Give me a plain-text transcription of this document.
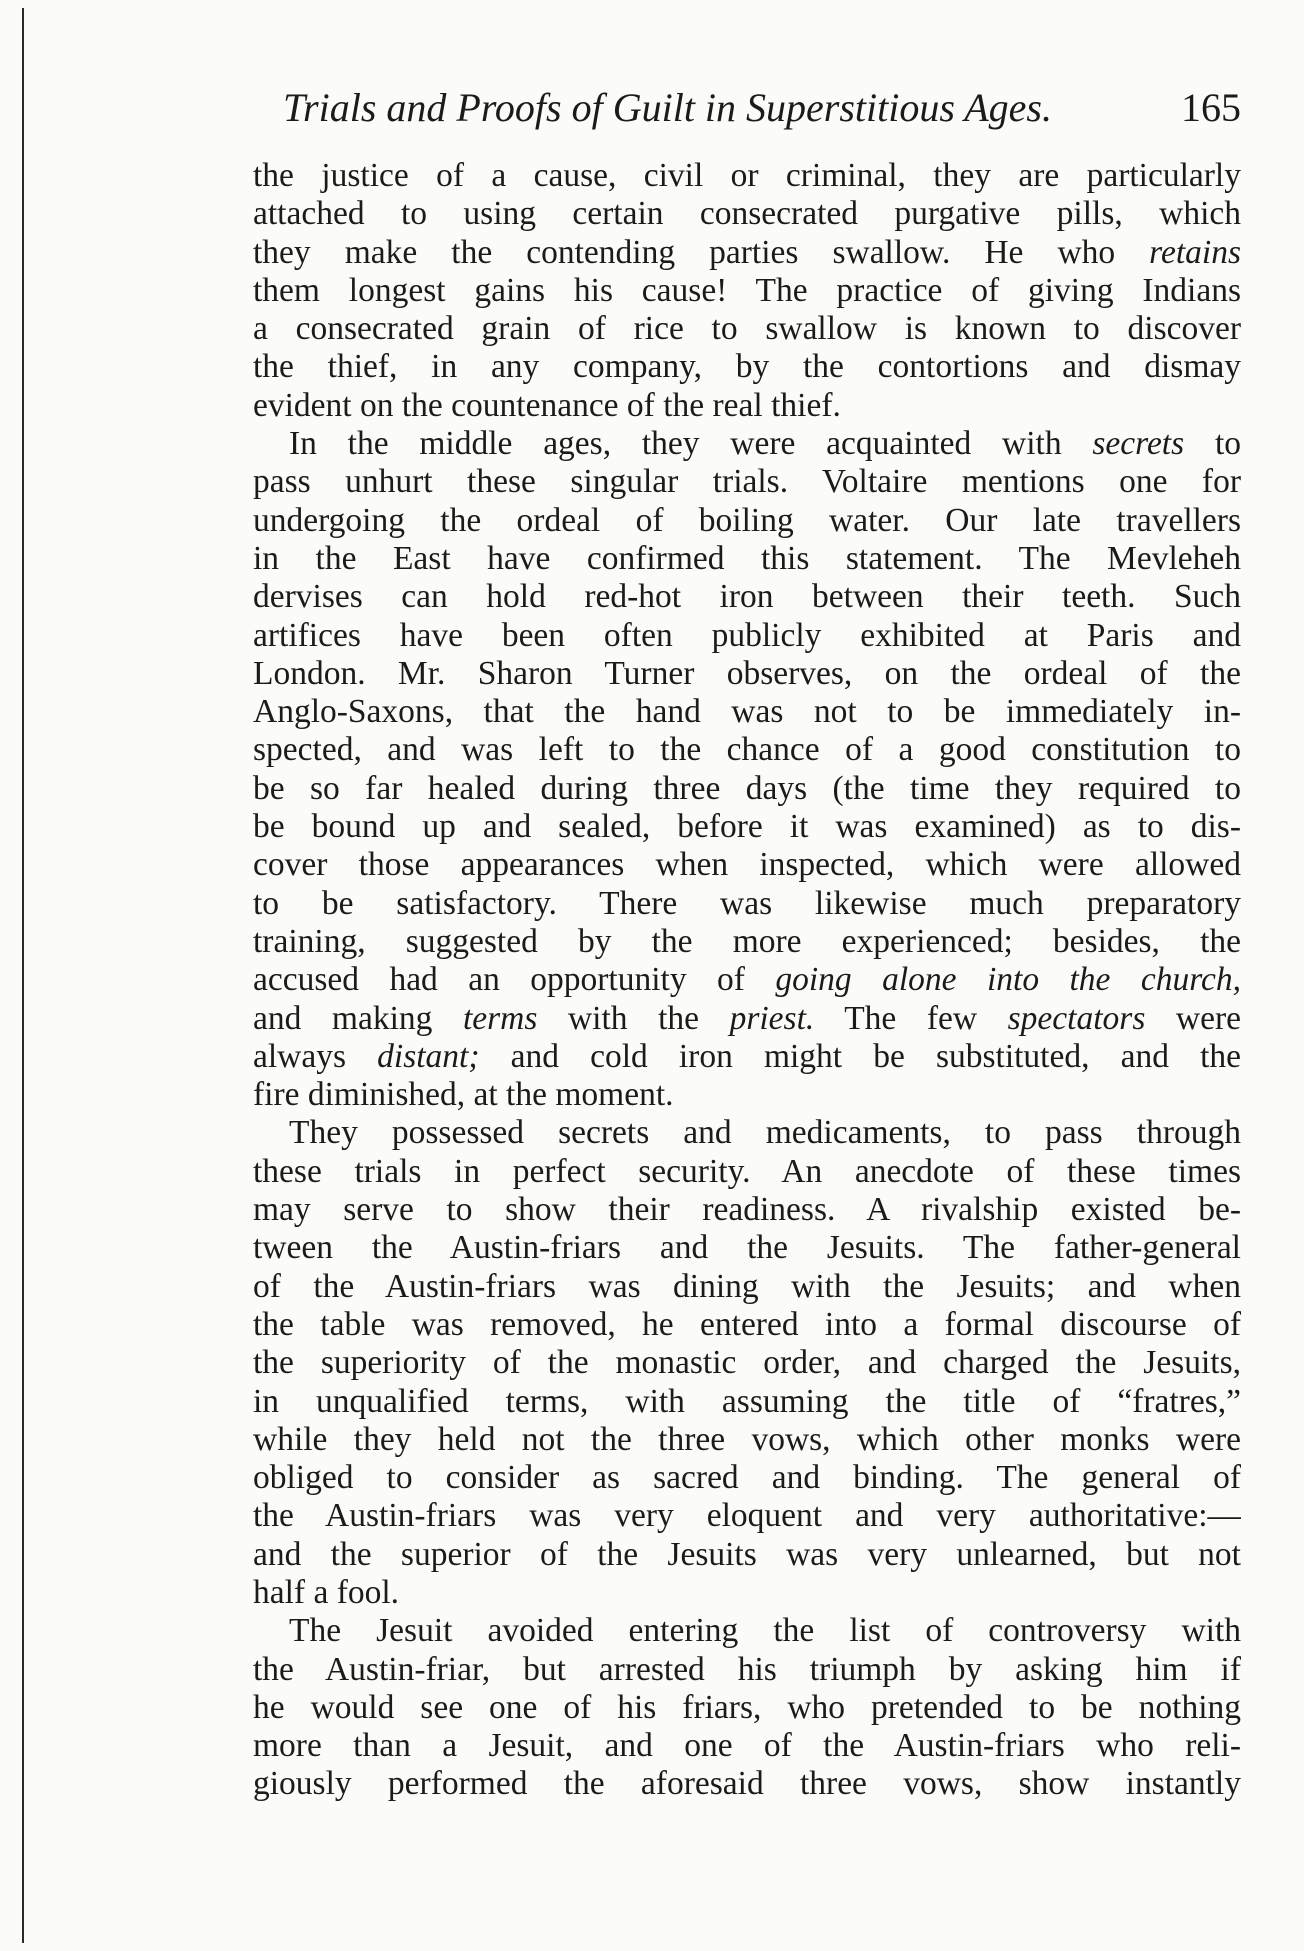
Trials and Proofs of Guilt in Superstitious Ages.	165
the justice of a cause, civil or criminal, they are particularly
attached to using certain consecrated purgative pills, which
they make the contending parties swallow. He who retains
them longest gains his cause! The practice of giving Indians
a consecrated grain of rice to swallow is known to discover
the thief, in any company, by the contortions and dismay
evident on the countenance of the real thief.
In the middle ages, they were acquainted with secrets to
pass unhurt these singular trials. Voltaire mentions one for
undergoing the ordeal of boiling water. Our late travellers
in the East have confirmed this statement. The Mevleheh
dervises can hold red-hot iron between their teeth. Such
artifices have been often publicly exhibited at Paris and
London. Mr. Sharon Turner observes, on the ordeal of the
Anglo-Saxons, that the hand was not to be immediately in-
spected, and was left to the chance of a good constitution to
be so far healed during three days (the time they required to
be bound up and sealed, before it was examined) as to dis-
cover those appearances when inspected, which were allowed
to be satisfactory. There was likewise much preparatory
training, suggested by the more experienced; besides, the
accused had an opportunity of going alone into the church,
and making terms with the priest. The few spectators were
always distant; and cold iron might be substituted, and the
fire diminished, at the moment.
They possessed secrets and medicaments, to pass through
these trials in perfect security. An anecdote of these times
may serve to show their readiness. A rivalship existed be-
tween the Austin-friars and the Jesuits. The father-general
of the Austin-friars was dining with the Jesuits; and when
the table was removed, he entered into a formal discourse of
the superiority of the monastic order, and charged the Jesuits,
in unqualified terms, with assuming the title of “fratres,”
while they held not the three vows, which other monks were
obliged to consider as sacred and binding. The general of
the Austin-friars was very eloquent and very authoritative:—
and the superior of the Jesuits was very unlearned, but not
half a fool.
The Jesuit avoided entering the list of controversy with
the Austin-friar, but arrested his triumph by asking him if
he would see one of his friars, who pretended to be nothing
more than a Jesuit, and one of the Austin-friars who reli-
giously performed the aforesaid three vows, show instantly
